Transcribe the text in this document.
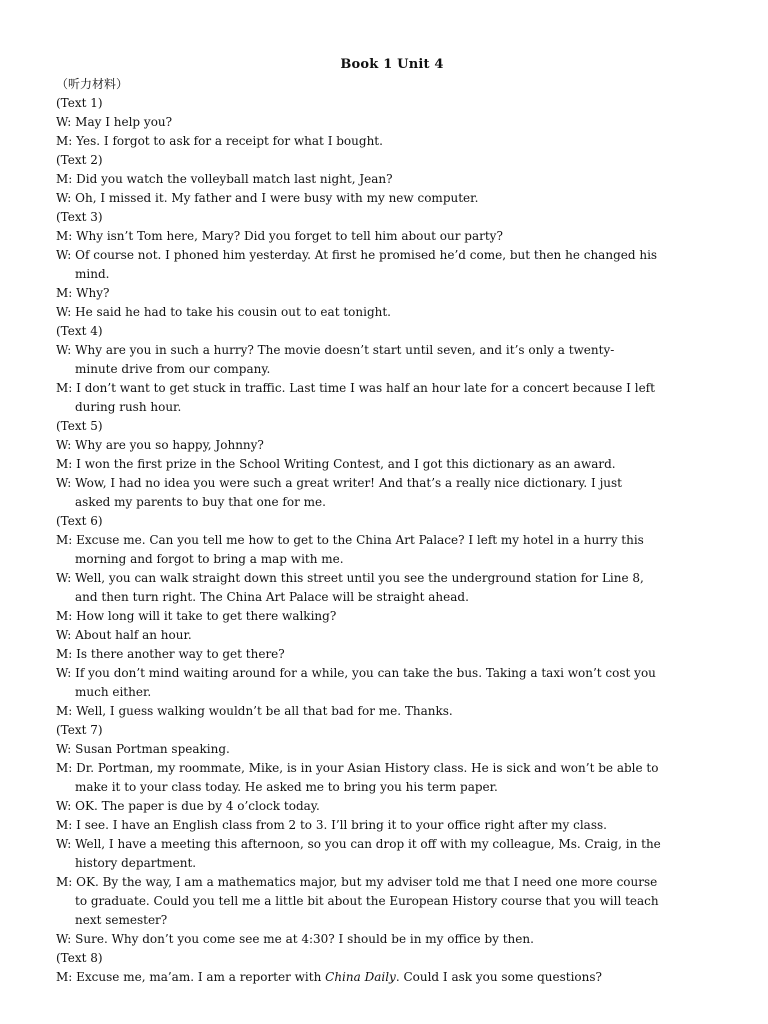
Book 1 Unit 4
（听力材料）
(Text 1)
W : May I help you?
M : Yes. I forgot to ask for a receipt for what I bought.
(Text 2)
M : Did you watch the volleyball match last night, Jean?
W : Oh, I missed it. My father and I were busy with my new computer.
(Text 3)
M : Why isn’t Tom here, Mary? Did you forget to tell him about our party?
W : Of course not. I phoned him yesterday. At first he promised he’d come, but then he changed his
mind.
M : Why?
W : He said he had to take his cousin out to eat tonight.
(Text 4)
W : Why are you in such a hurry? The movie doesn’t start until seven, and it’s only a twenty-
minute drive from our company.
M : I don’t want to get stuck in traffic. Last time I was half an hour late for a concert because I left
during rush hour.
(Text 5)
W : Why are you so happy, Johnny?
M : I won the first prize in the School Writing Contest, and I got this dictionary as an award.
W : Wow, I had no idea you were such a great writer! And that’s a really nice dictionary. I just
asked my parents to buy that one for me.
(Text 6)
M : Excuse me. Can you tell me how to get to the China Art Palace? I left my hotel in a hurry this
morning and forgot to bring a map with me.
W : Well, you can walk straight down this street until you see the underground station for Line 8,
and then turn right. The China Art Palace will be straight ahead.
M : How long will it take to get there walking?
W : About half an hour.
M : Is there another way to get there?
W : If you don’t mind waiting around for a while, you can take the bus. Taking a taxi won’t cost you
much either.
M : Well, I guess walking wouldn’t be all that bad for me. Thanks.
(Text 7)
W : Susan Portman speaking.
M : Dr. Portman, my roommate, Mike, is in your Asian History class. He is sick and won’t be able to
make it to your class today. He asked me to bring you his term paper.
W : OK. The paper is due by 4 o’clock today.
M : I see. I have an English class from 2 to 3. I’ll bring it to your office right after my class.
W : Well, I have a meeting this afternoon, so you can drop it off with my colleague, Ms. Craig, in the
history department.
M : OK. By the way, I am a mathematics major, but my adviser told me that I need one more course
to graduate. Could you tell me a little bit about the European History course that you will teach
next semester?
W : Sure. Why don’t you come see me at 4:30? I should be in my office by then.
(Text 8)
M : Excuse me, ma’am. I am a reporter with China Daily. Could I ask you some questions?
